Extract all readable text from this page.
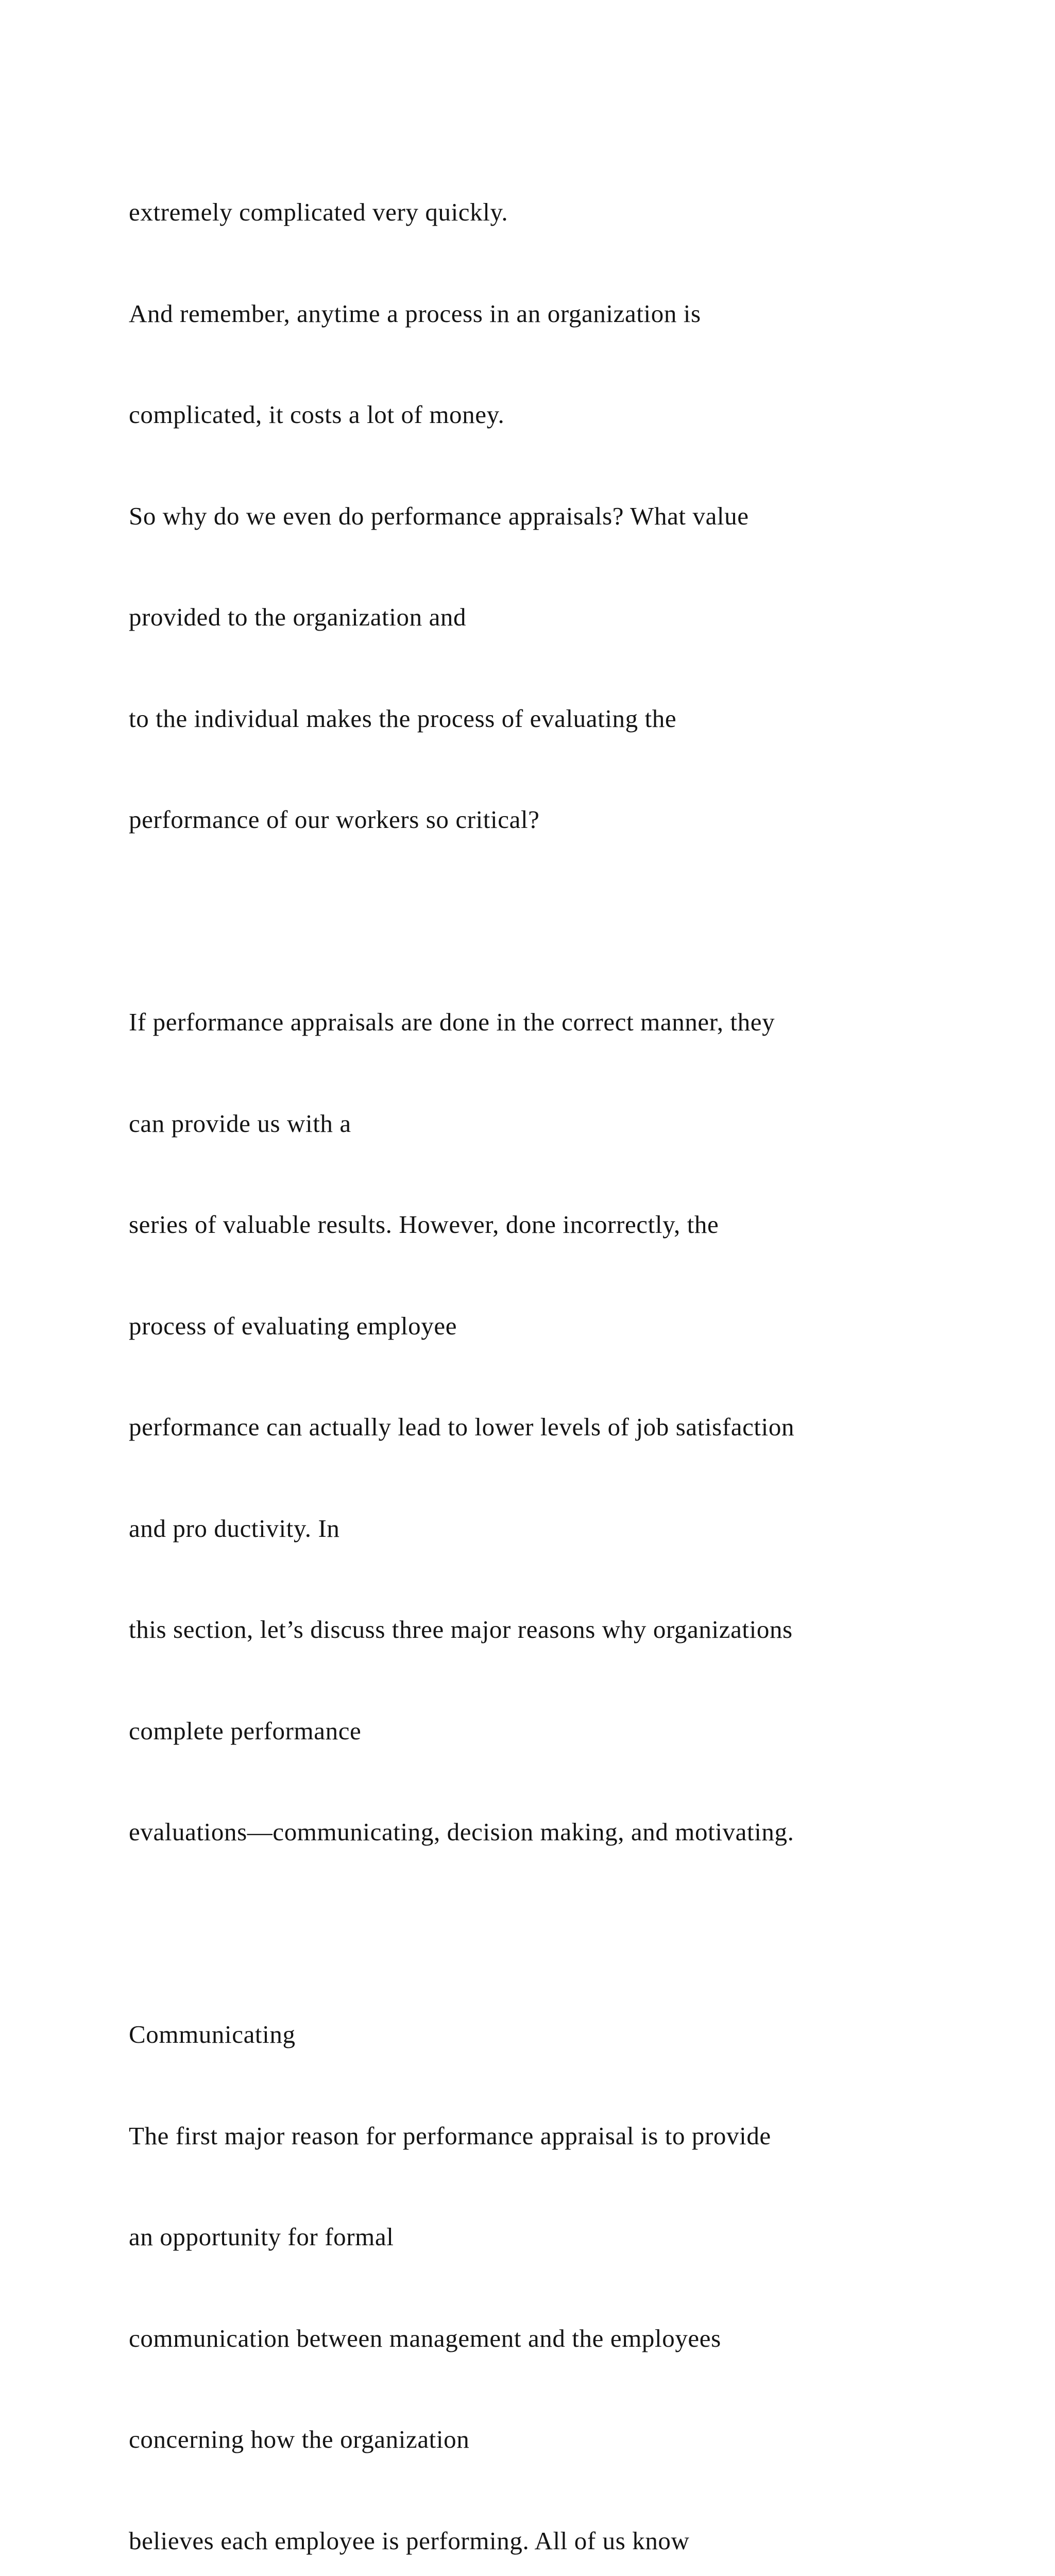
extremely complicated very quickly.

And remember, anytime a process in an organization is

complicated, it costs a lot of money.

So why do we even do performance appraisals? What value

provided to the organization and

to the individual makes the process of evaluating the

performance of our workers so critical?

If performance appraisals are done in the correct manner, they

can provide us with a

series of valuable results. However, done incorrectly, the

process of evaluating employee

performance can actually lead to lower levels of job satisfaction

and pro ductivity. In

this section, let’s discuss three major reasons why organizations

complete performance

evaluations—communicating, decision making, and motivating.

Communicating

The first major reason for performance appraisal is to provide

an opportunity for formal

communication between management and the employees

concerning how the organization

believes each employee is performing. All of us know
